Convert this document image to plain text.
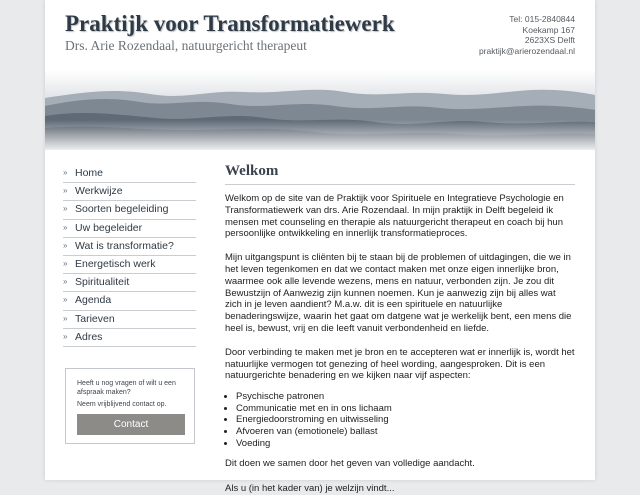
Praktijk voor Transformatiewerk
Drs. Arie Rozendaal, natuurgericht therapeut
Tel: 015-2840844
Koekamp 167
2623XS Delft
praktijk@arierozendaal.nl
» Home
» Werkwijze
» Soorten begeleiding
» Uw begeleider
» Wat is transformatie?
» Energetisch werk
» Spiritualiteit
» Agenda
» Tarieven
» Adres
Heeft u nog vragen of wilt u een afspraak maken?
Neem vrijblijvend contact op.
Contact
Welkom

Welkom op de site van de Praktijk voor Spirituele en Integratieve Psychologie en Transformatiewerk van drs. Arie Rozendaal. In mijn praktijk in Delft begeleid ik mensen met counseling en therapie als natuurgericht therapeut en coach bij hun persoonlijke ontwikkeling en innerlijk transformatieproces.

Mijn uitgangspunt is cliënten bij te staan bij de problemen of uitdagingen, die we in het leven tegenkomen en dat we contact maken met onze eigen innerlijke bron, waarmee ook alle levende wezens, mens en natuur, verbonden zijn. Je zou dit Bewustzijn of Aanwezig zijn kunnen noemen. Kun je aanwezig zijn bij alles wat zich in je leven aandient? M.a.w. dit is een spirituele en natuurlijke benaderingswijze, waarin het gaat om datgene wat je werkelijk bent, een mens die heel is, bewust, vrij en die leeft vanuit verbondenheid en liefde.

Door verbinding te maken met je bron en te accepteren wat er innerlijk is, wordt het natuurlijke vermogen tot genezing of heel wording, aangesproken. Dit is een natuurgerichte benadering en we kijken naar vijf aspecten:

• Psychische patronen
• Communicatie met en in ons lichaam
• Energiedoorstroming en uitwisseling
• Afvoeren van (emotionele) ballast
• Voeding

Dit doen we samen door het geven van volledige aandacht.

Als u (in het kader van) je welzijn vindt...
